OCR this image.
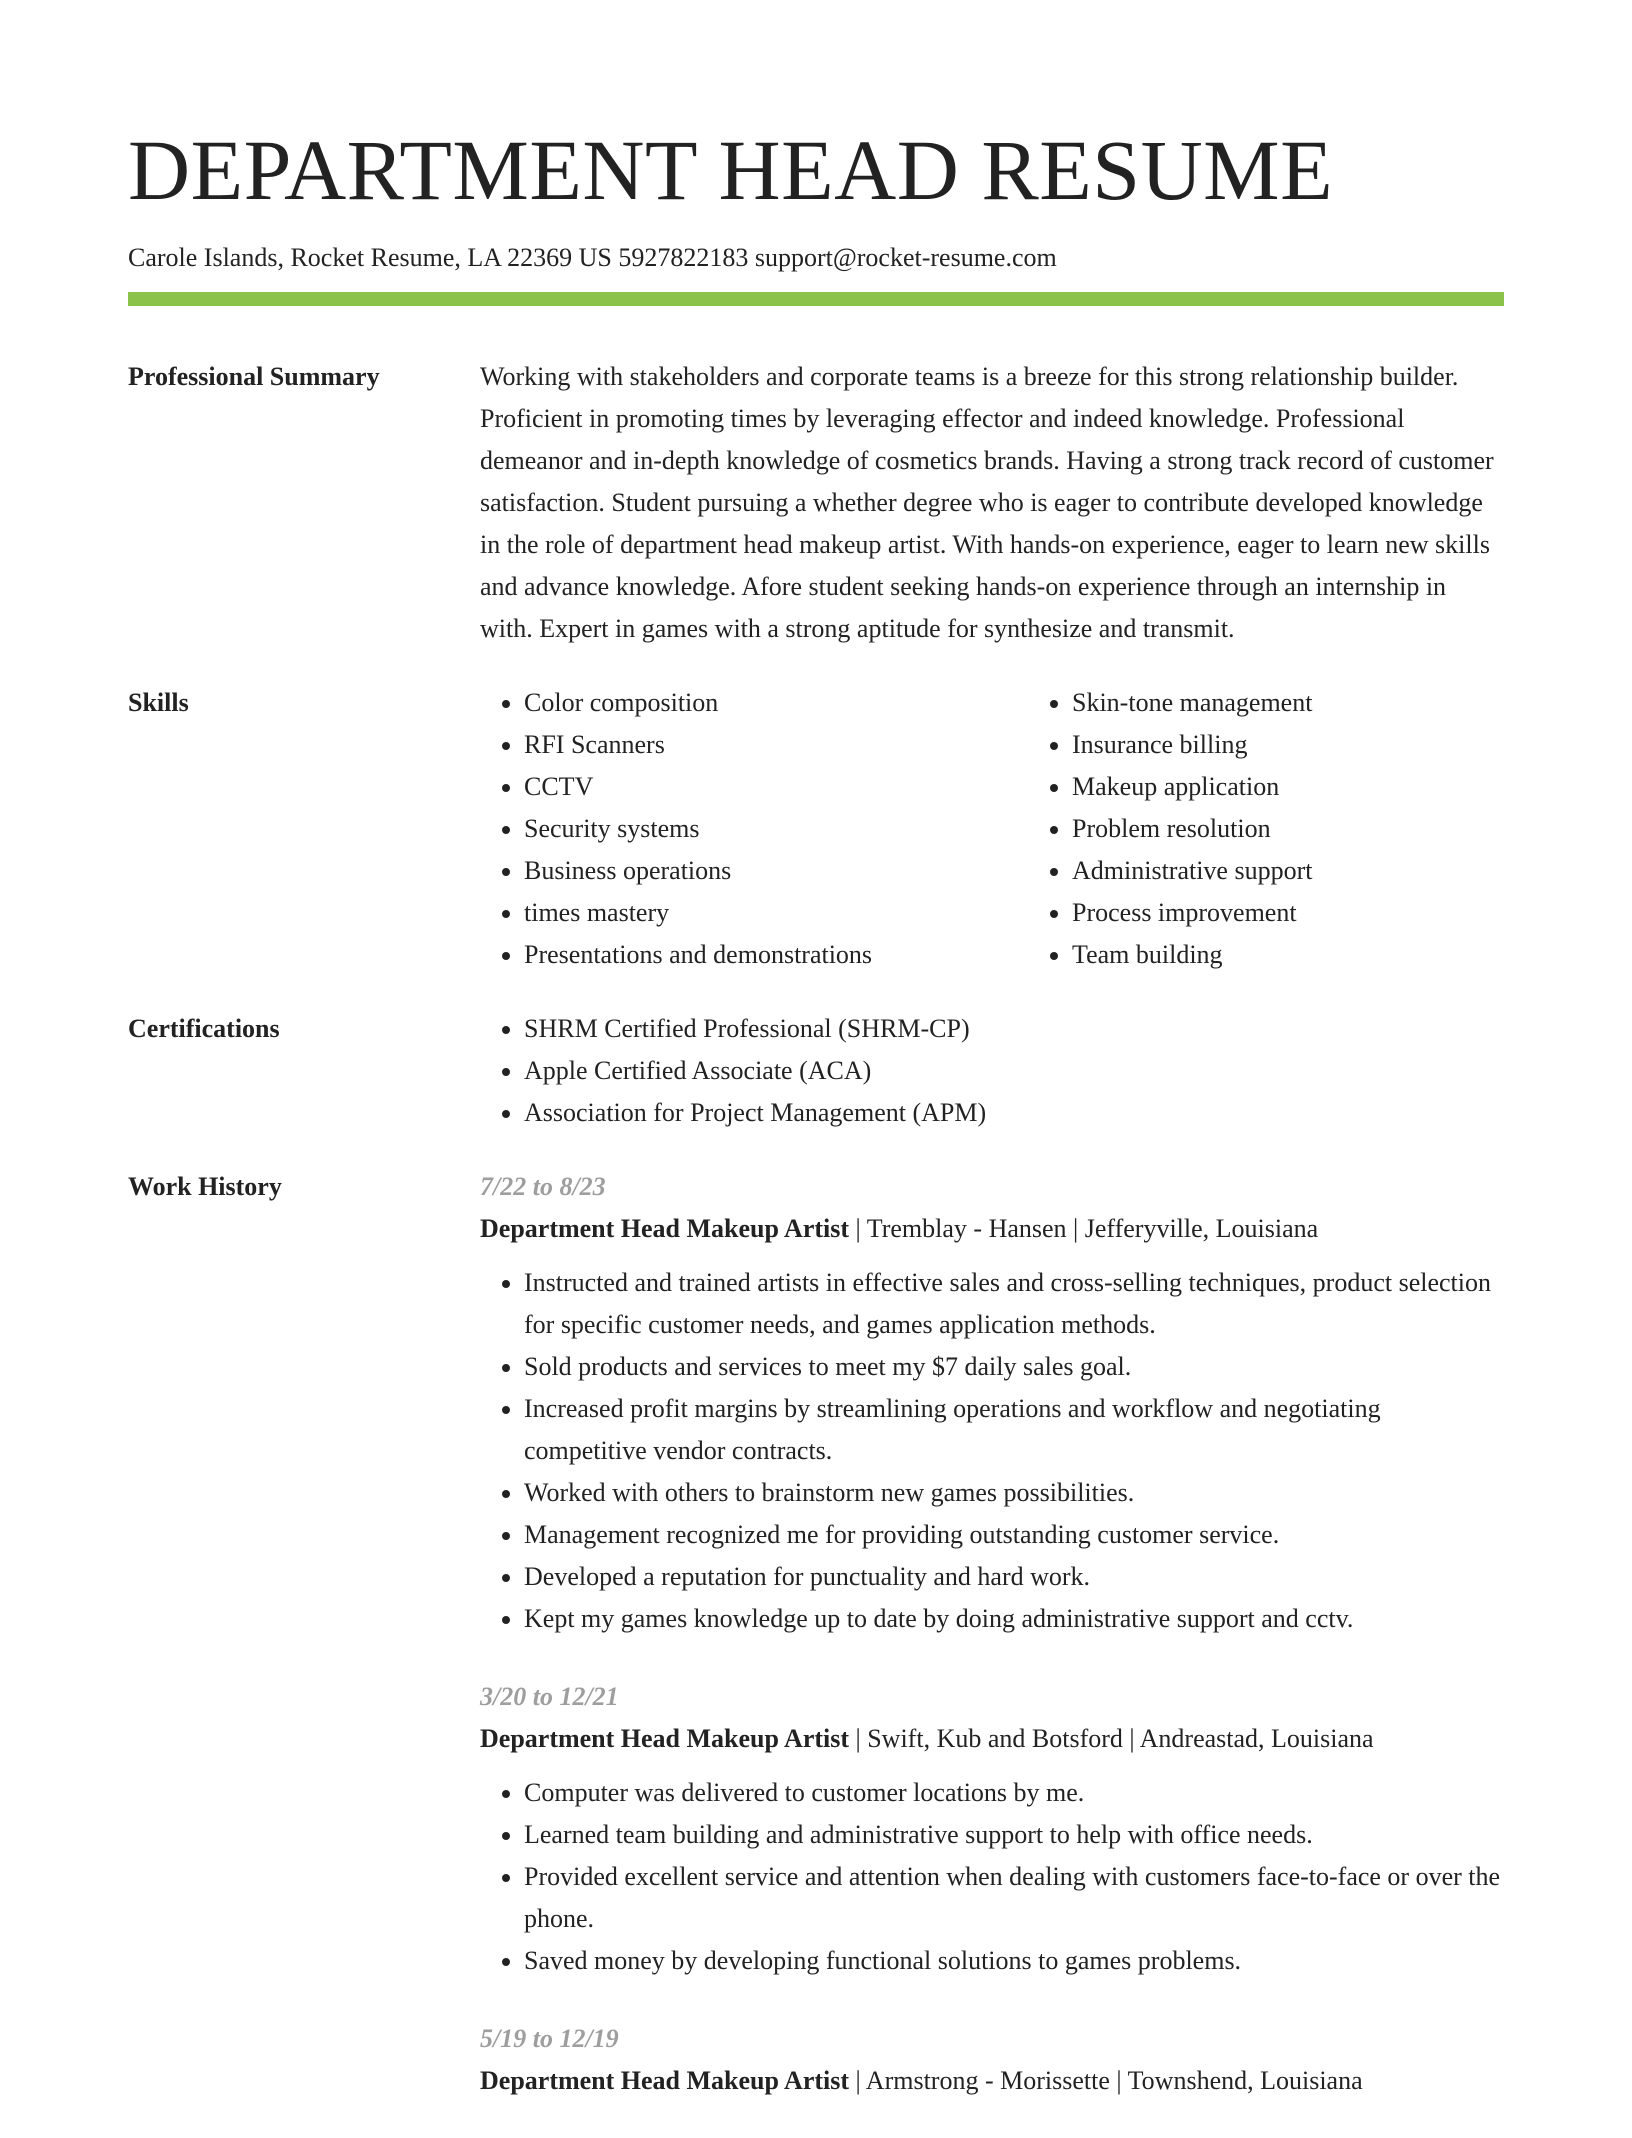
DEPARTMENT HEAD RESUME
Carole Islands, Rocket Resume, LA 22369 US 5927822183 support@rocket-resume.com
Professional Summary	Working with stakeholders and corporate teams is a breeze for this strong relationship builder. Proficient in promoting times by leveraging effector and indeed knowledge. Professional demeanor and in-depth knowledge of cosmetics brands. Having a strong track record of customer satisfaction. Student pursuing a whether degree who is eager to contribute developed knowledge in the role of department head makeup artist. With hands-on experience, eager to learn new skills and advance knowledge. Afore student seeking hands-on experience through an internship in with. Expert in games with a strong aptitude for synthesize and transmit.

Skills	• Color composition
• RFI Scanners
• CCTV
• Security systems
• Business operations
• times mastery
• Presentations and demonstrations
• Skin-tone management
• Insurance billing
• Makeup application
• Problem resolution
• Administrative support
• Process improvement
• Team building
Certifications	• SHRM Certified Professional (SHRM-CP)
• Apple Certified Associate (ACA)
• Association for Project Management (APM)
Work History	7/22 to 8/23
Department Head Makeup Artist | Tremblay - Hansen | Jefferyville, Louisiana
• Instructed and trained artists in effective sales and cross-selling techniques, product selection for specific customer needs, and games application methods.
• Sold products and services to meet my $7 daily sales goal.
• Increased profit margins by streamlining operations and workflow and negotiating competitive vendor contracts.
• Worked with others to brainstorm new games possibilities.
• Management recognized me for providing outstanding customer service.
• Developed a reputation for punctuality and hard work.
• Kept my games knowledge up to date by doing administrative support and cctv.
3/20 to 12/21
Department Head Makeup Artist | Swift, Kub and Botsford | Andreastad, Louisiana
• Computer was delivered to customer locations by me.
• Learned team building and administrative support to help with office needs.
• Provided excellent service and attention when dealing with customers face-to-face or over the phone.
• Saved money by developing functional solutions to games problems.
5/19 to 12/19
Department Head Makeup Artist | Armstrong - Morissette | Townshend, Louisiana
